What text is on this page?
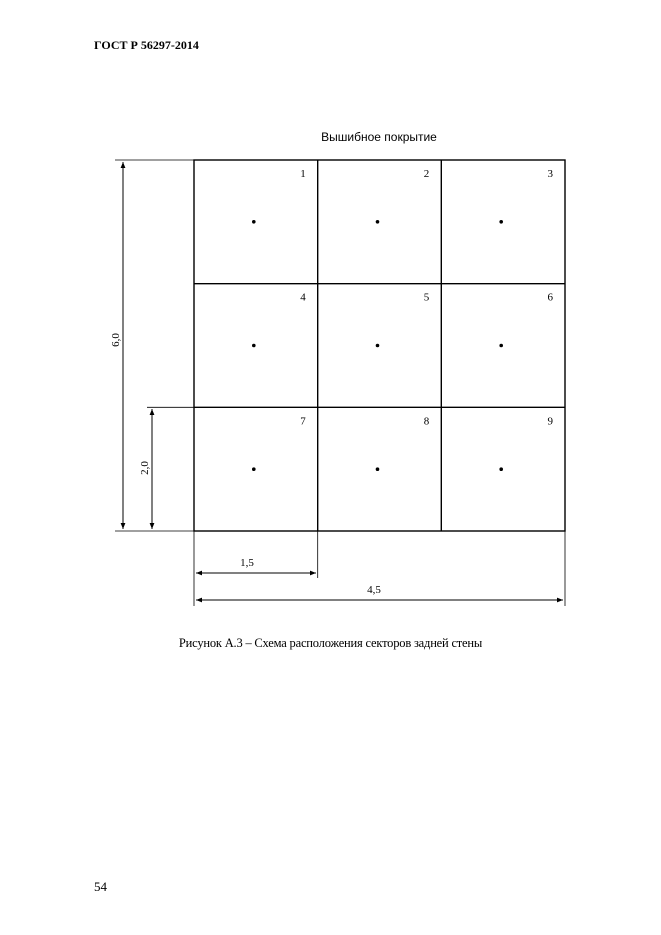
ГОСТ Р 56297-2014
Вышибное покрытие
1	2	3
4	5	6
7	8	9
6,0
2,0
1,5
4,5
Рисунок А.3 – Схема расположения секторов задней стены
54
